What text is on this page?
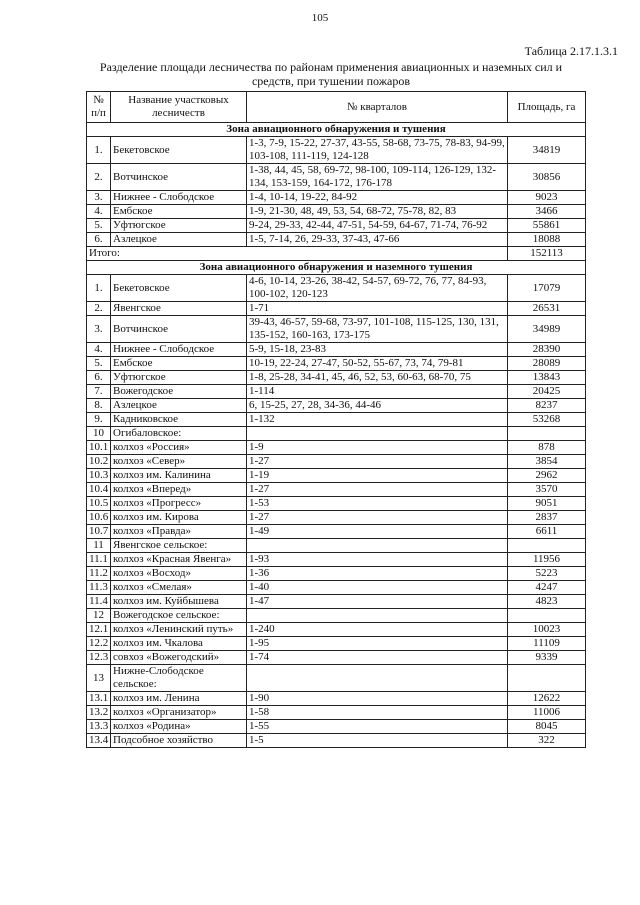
105
Таблица 2.17.1.3.1
Разделение площади лесничества по районам применения авиационных и наземных сил и средств, при тушении пожаров
№ п/п	Название участковых лесничеств	№ кварталов	Площадь, га
Зона авиационного обнаружения и тушения			
1.	Бекетовское	1-3, 7-9, 15-22, 27-37, 43-55, 58-68, 73-75, 78-83, 94-99, 103-108, 111-119, 124-128	34819
2.	Вотчинское	1-38, 44, 45, 58, 69-72, 98-100, 109-114, 126-129, 132-134, 153-159, 164-172, 176-178	30856
3.	Нижнее - Слободское	1-4, 10-14, 19-22, 84-92	9023
4.	Ембское	1-9, 21-30, 48, 49, 53, 54, 68-72, 75-78, 82, 83	3466
5.	Уфтюгское	9-24, 29-33, 42-44, 47-51, 54-59, 64-67, 71-74, 76-92	55861
6.	Азлецкое	1-5, 7-14, 26, 29-33, 37-43, 47-66	18088
Итого:			152113
Зона авиационного обнаружения и наземного тушения			
1.	Бекетовское	4-6, 10-14, 23-26, 38-42, 54-57, 69-72, 76, 77, 84-93, 100-102, 120-123	17079
2.	Явенгское	1-71	26531
3.	Вотчинское	39-43, 46-57, 59-68, 73-97, 101-108, 115-125, 130, 131, 135-152, 160-163, 173-175	34989
4.	Нижнее - Слободское	5-9, 15-18, 23-83	28390
5.	Ембское	10-19, 22-24, 27-47, 50-52, 55-67, 73, 74, 79-81	28089
6.	Уфтюгское	1-8, 25-28, 34-41, 45, 46, 52, 53, 60-63, 68-70, 75	13843
7.	Вожегодское	1-114	20425
8.	Азлецкое	6, 15-25, 27, 28, 34-36, 44-46	8237
9.	Кадниковское	1-132	53268
10	Огибаловское:		
10.1	колхоз «Россия»	1-9	878
10.2	колхоз «Север»	1-27	3854
10.3	колхоз им. Калинина	1-19	2962
10.4	колхоз «Вперед»	1-27	3570
10.5	колхоз «Прогресс»	1-53	9051
10.6	колхоз им. Кирова	1-27	2837
10.7	колхоз «Правда»	1-49	6611
11	Явенгское сельское:		
11.1	колхоз «Красная Явенга»	1-93	11956
11.2	колхоз «Восход»	1-36	5223
11.3	колхоз «Смелая»	1-40	4247
11.4	колхоз им. Куйбышева	1-47	4823
12	Вожегодское сельское:		
12.1	колхоз «Ленинский путь»	1-240	10023
12.2	колхоз им. Чкалова	1-95	11109
12.3	совхоз «Вожегодский»	1-74	9339
13	Нижне-Слободское сельское:		
13.1	колхоз им. Ленина	1-90	12622
13.2	колхоз «Организатор»	1-58	11006
13.3	колхоз «Родина»	1-55	8045
13.4	Подсобное хозяйство	1-5	322
